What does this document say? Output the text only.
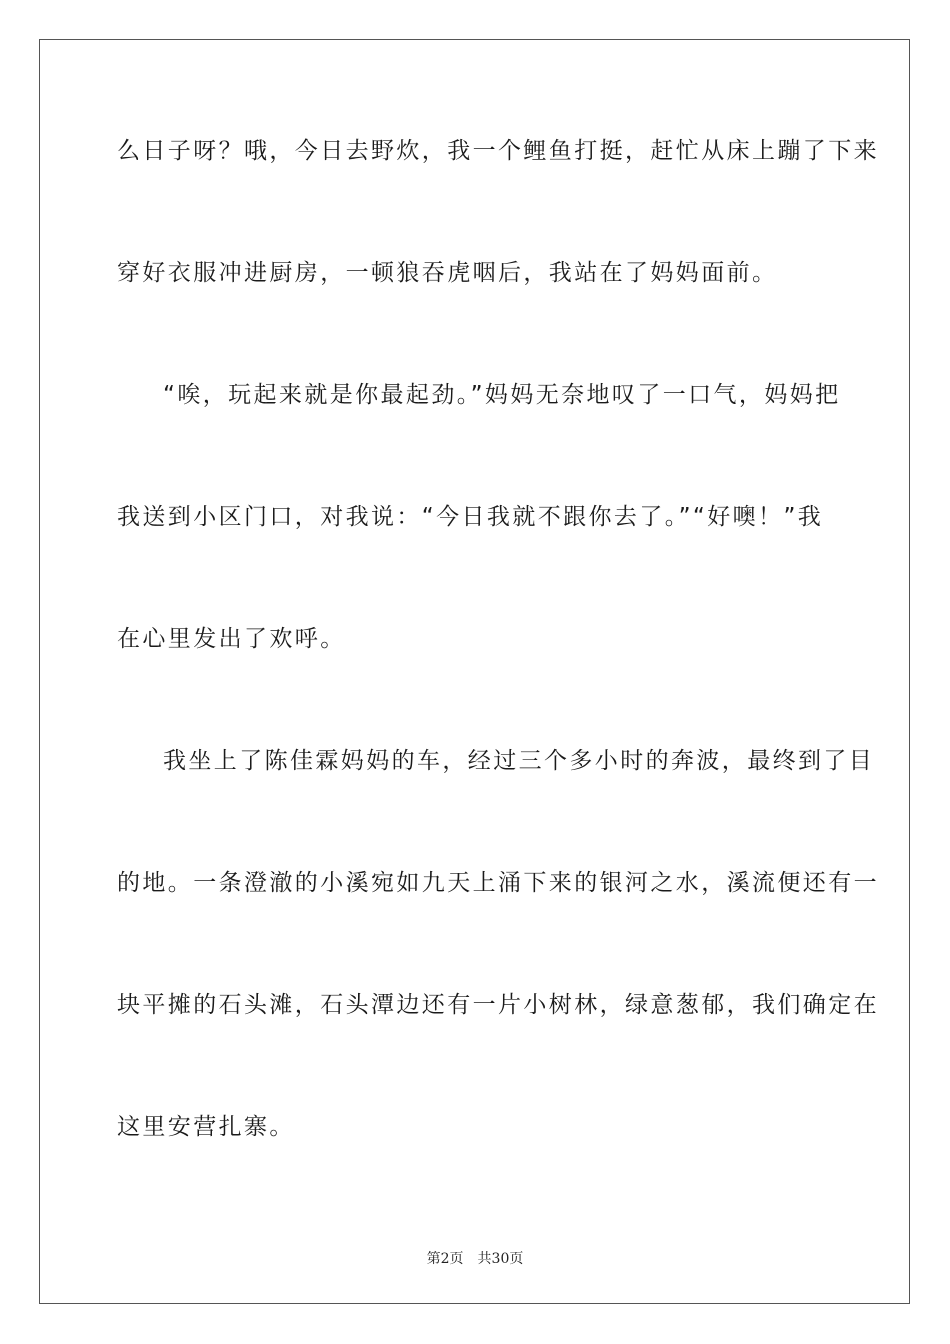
么日子呀？哦，今日去野炊，我一个鲤鱼打挺，赶忙从床上蹦了下来
穿好衣服冲进厨房，一顿狼吞虎咽后，我站在了妈妈面前。
“唉，玩起来就是你最起劲。”妈妈无奈地叹了一口气，妈妈把
我送到小区门口，对我说：“今日我就不跟你去了。”“好噢！”我
在心里发出了欢呼。
我坐上了陈佳霖妈妈的车，经过三个多小时的奔波，最终到了目
的地。一条澄澈的小溪宛如九天上涌下来的银河之水，溪流便还有一
块平摊的石头滩，石头潭边还有一片小树林，绿意葱郁，我们确定在
这里安营扎寨。
第2页 共30页
